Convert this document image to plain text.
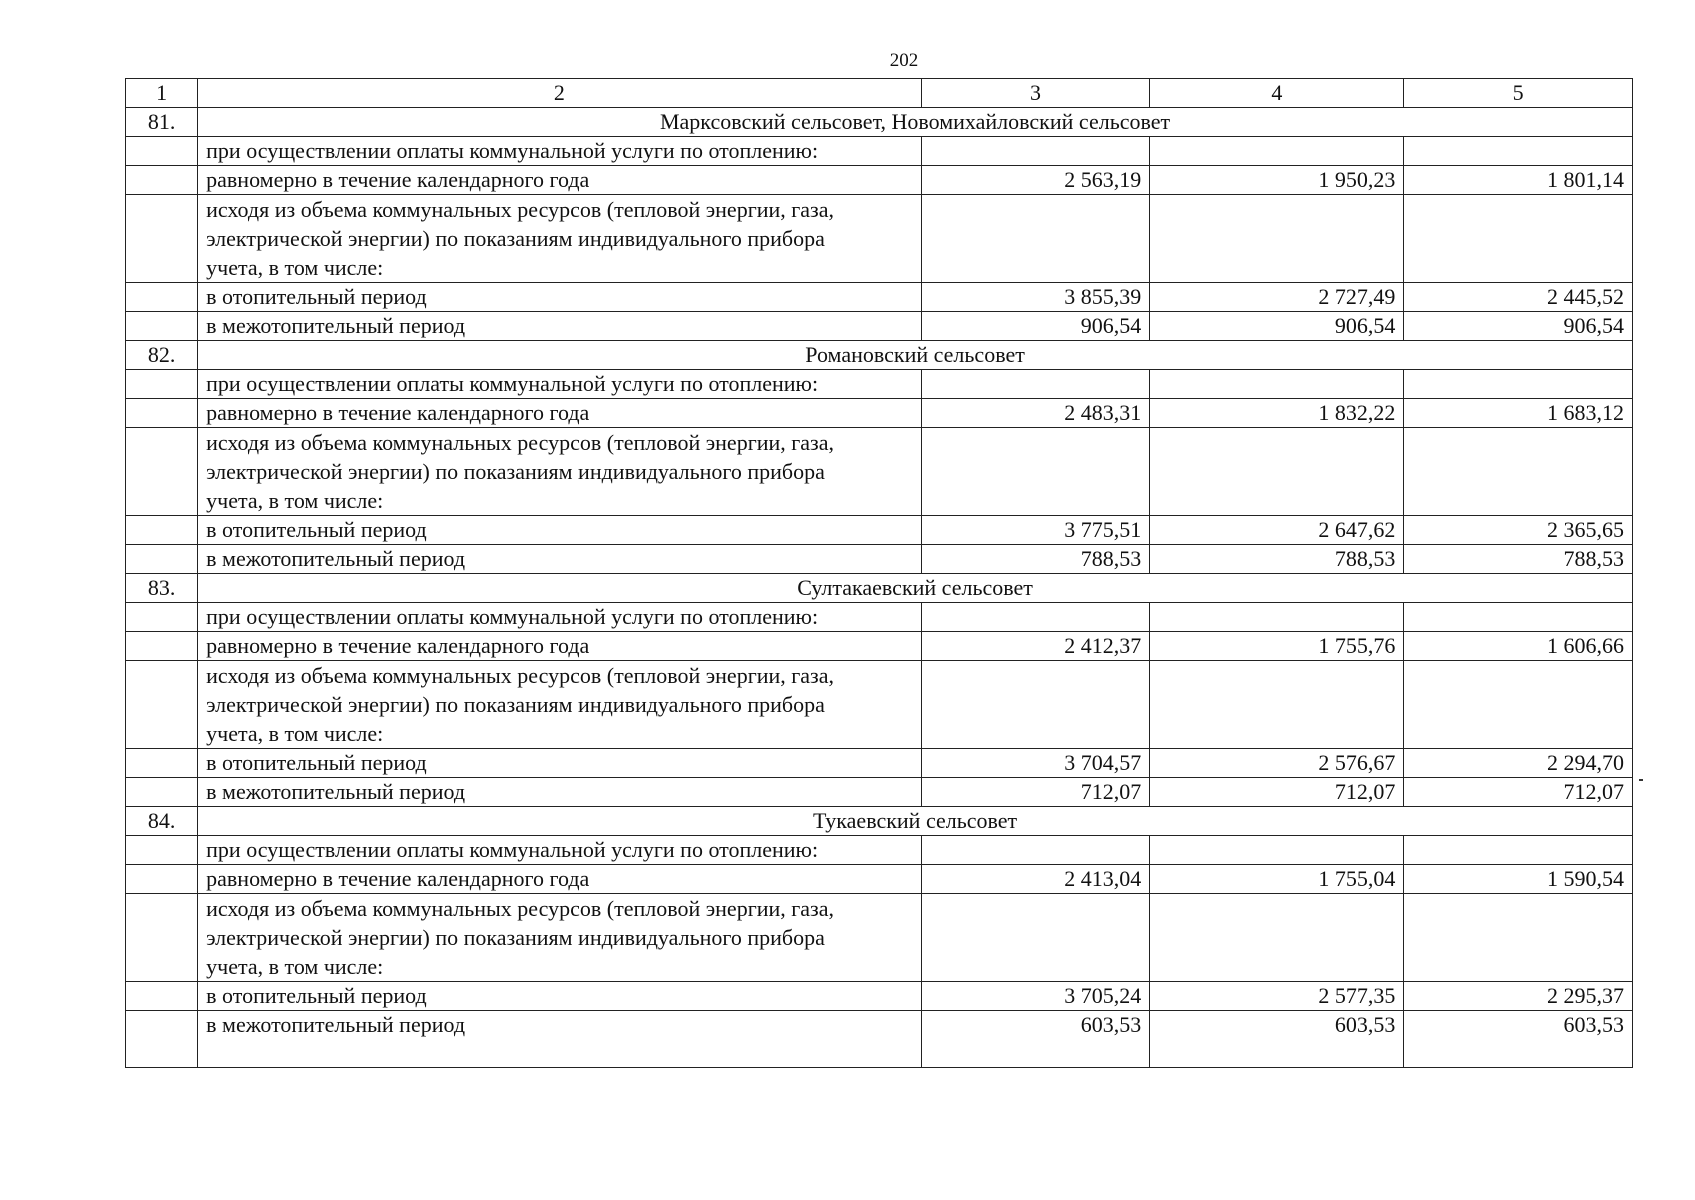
202
1	2	3	4	5
81.	Марксовский сельсовет, Новомихайловский сельсовет			
	при осуществлении оплаты коммунальной услуги по отоплению:			
	равномерно в течение календарного года	2 563,19	1 950,23	1 801,14
	исходя из объема коммунальных ресурсов (тепловой энергии, газа, электрической энергии) по показаниям индивидуального прибора учета, в том числе:			
	в отопительный период	3 855,39	2 727,49	2 445,52
	в межотопительный период	906,54	906,54	906,54
82.	Романовский сельсовет			
	при осуществлении оплаты коммунальной услуги по отоплению:			
	равномерно в течение календарного года	2 483,31	1 832,22	1 683,12
	исходя из объема коммунальных ресурсов (тепловой энергии, газа, электрической энергии) по показаниям индивидуального прибора учета, в том числе:			
	в отопительный период	3 775,51	2 647,62	2 365,65
	в межотопительный период	788,53	788,53	788,53
83.	Султакаевский сельсовет			
	при осуществлении оплаты коммунальной услуги по отоплению:			
	равномерно в течение календарного года	2 412,37	1 755,76	1 606,66
	исходя из объема коммунальных ресурсов (тепловой энергии, газа, электрической энергии) по показаниям индивидуального прибора учета, в том числе:			
	в отопительный период	3 704,57	2 576,67	2 294,70
	в межотопительный период	712,07	712,07	712,07
84.	Тукаевский сельсовет			
	при осуществлении оплаты коммунальной услуги по отоплению:			
	равномерно в течение календарного года	2 413,04	1 755,04	1 590,54
	исходя из объема коммунальных ресурсов (тепловой энергии, газа, электрической энергии) по показаниям индивидуального прибора учета, в том числе:			
	в отопительный период	3 705,24	2 577,35	2 295,37
	в межотопительный период	603,53	603,53	603,53
